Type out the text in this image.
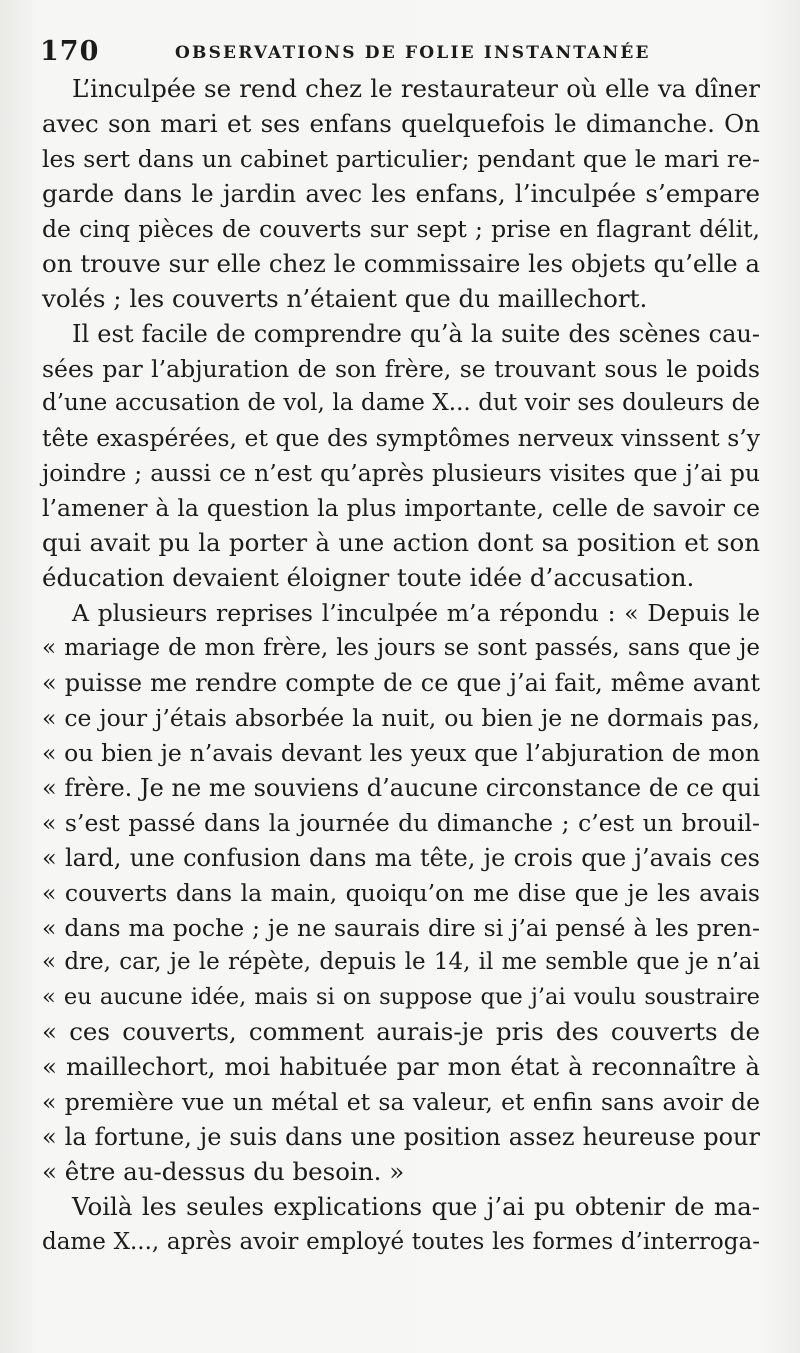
170	OBSERVATIONS DE FOLIE INSTANTANÉE
L’inculpée se rend chez le restaurateur où elle va dîner
avec son mari et ses enfans quelquefois le dimanche. On
les sert dans un cabinet particulier; pendant que le mari re-
garde dans le jardin avec les enfans, l’inculpée s’empare
de cinq pièces de couverts sur sept ; prise en flagrant délit,
on trouve sur elle chez le commissaire les objets qu’elle a
volés ; les couverts n’étaient que du maillechort.
Il est facile de comprendre qu’à la suite des scènes cau-
sées par l’abjuration de son frère, se trouvant sous le poids
d’une accusation de vol, la dame X... dut voir ses douleurs de
tête exaspérées, et que des symptômes nerveux vinssent s’y
joindre ; aussi ce n’est qu’après plusieurs visites que j’ai pu
l’amener à la question la plus importante, celle de savoir ce
qui avait pu la porter à une action dont sa position et son
éducation devaient éloigner toute idée d’accusation.
A plusieurs reprises l’inculpée m’a répondu : « Depuis le
« mariage de mon frère, les jours se sont passés, sans que je
« puisse me rendre compte de ce que j’ai fait, même avant
« ce jour j’étais absorbée la nuit, ou bien je ne dormais pas,
« ou bien je n’avais devant les yeux que l’abjuration de mon
« frère. Je ne me souviens d’aucune circonstance de ce qui
« s’est passé dans la journée du dimanche ; c’est un brouil-
« lard, une confusion dans ma tête, je crois que j’avais ces
« couverts dans la main, quoiqu’on me dise que je les avais
« dans ma poche ; je ne saurais dire si j’ai pensé à les pren-
« dre, car, je le répète, depuis le 14, il me semble que je n’ai
« eu aucune idée, mais si on suppose que j’ai voulu soustraire
« ces couverts, comment aurais-je pris des couverts de
« maillechort, moi habituée par mon état à reconnaître à
« première vue un métal et sa valeur, et enfin sans avoir de
« la fortune, je suis dans une position assez heureuse pour
« être au-dessus du besoin. »
Voilà les seules explications que j’ai pu obtenir de ma-
dame X..., après avoir employé toutes les formes d’interroga-
